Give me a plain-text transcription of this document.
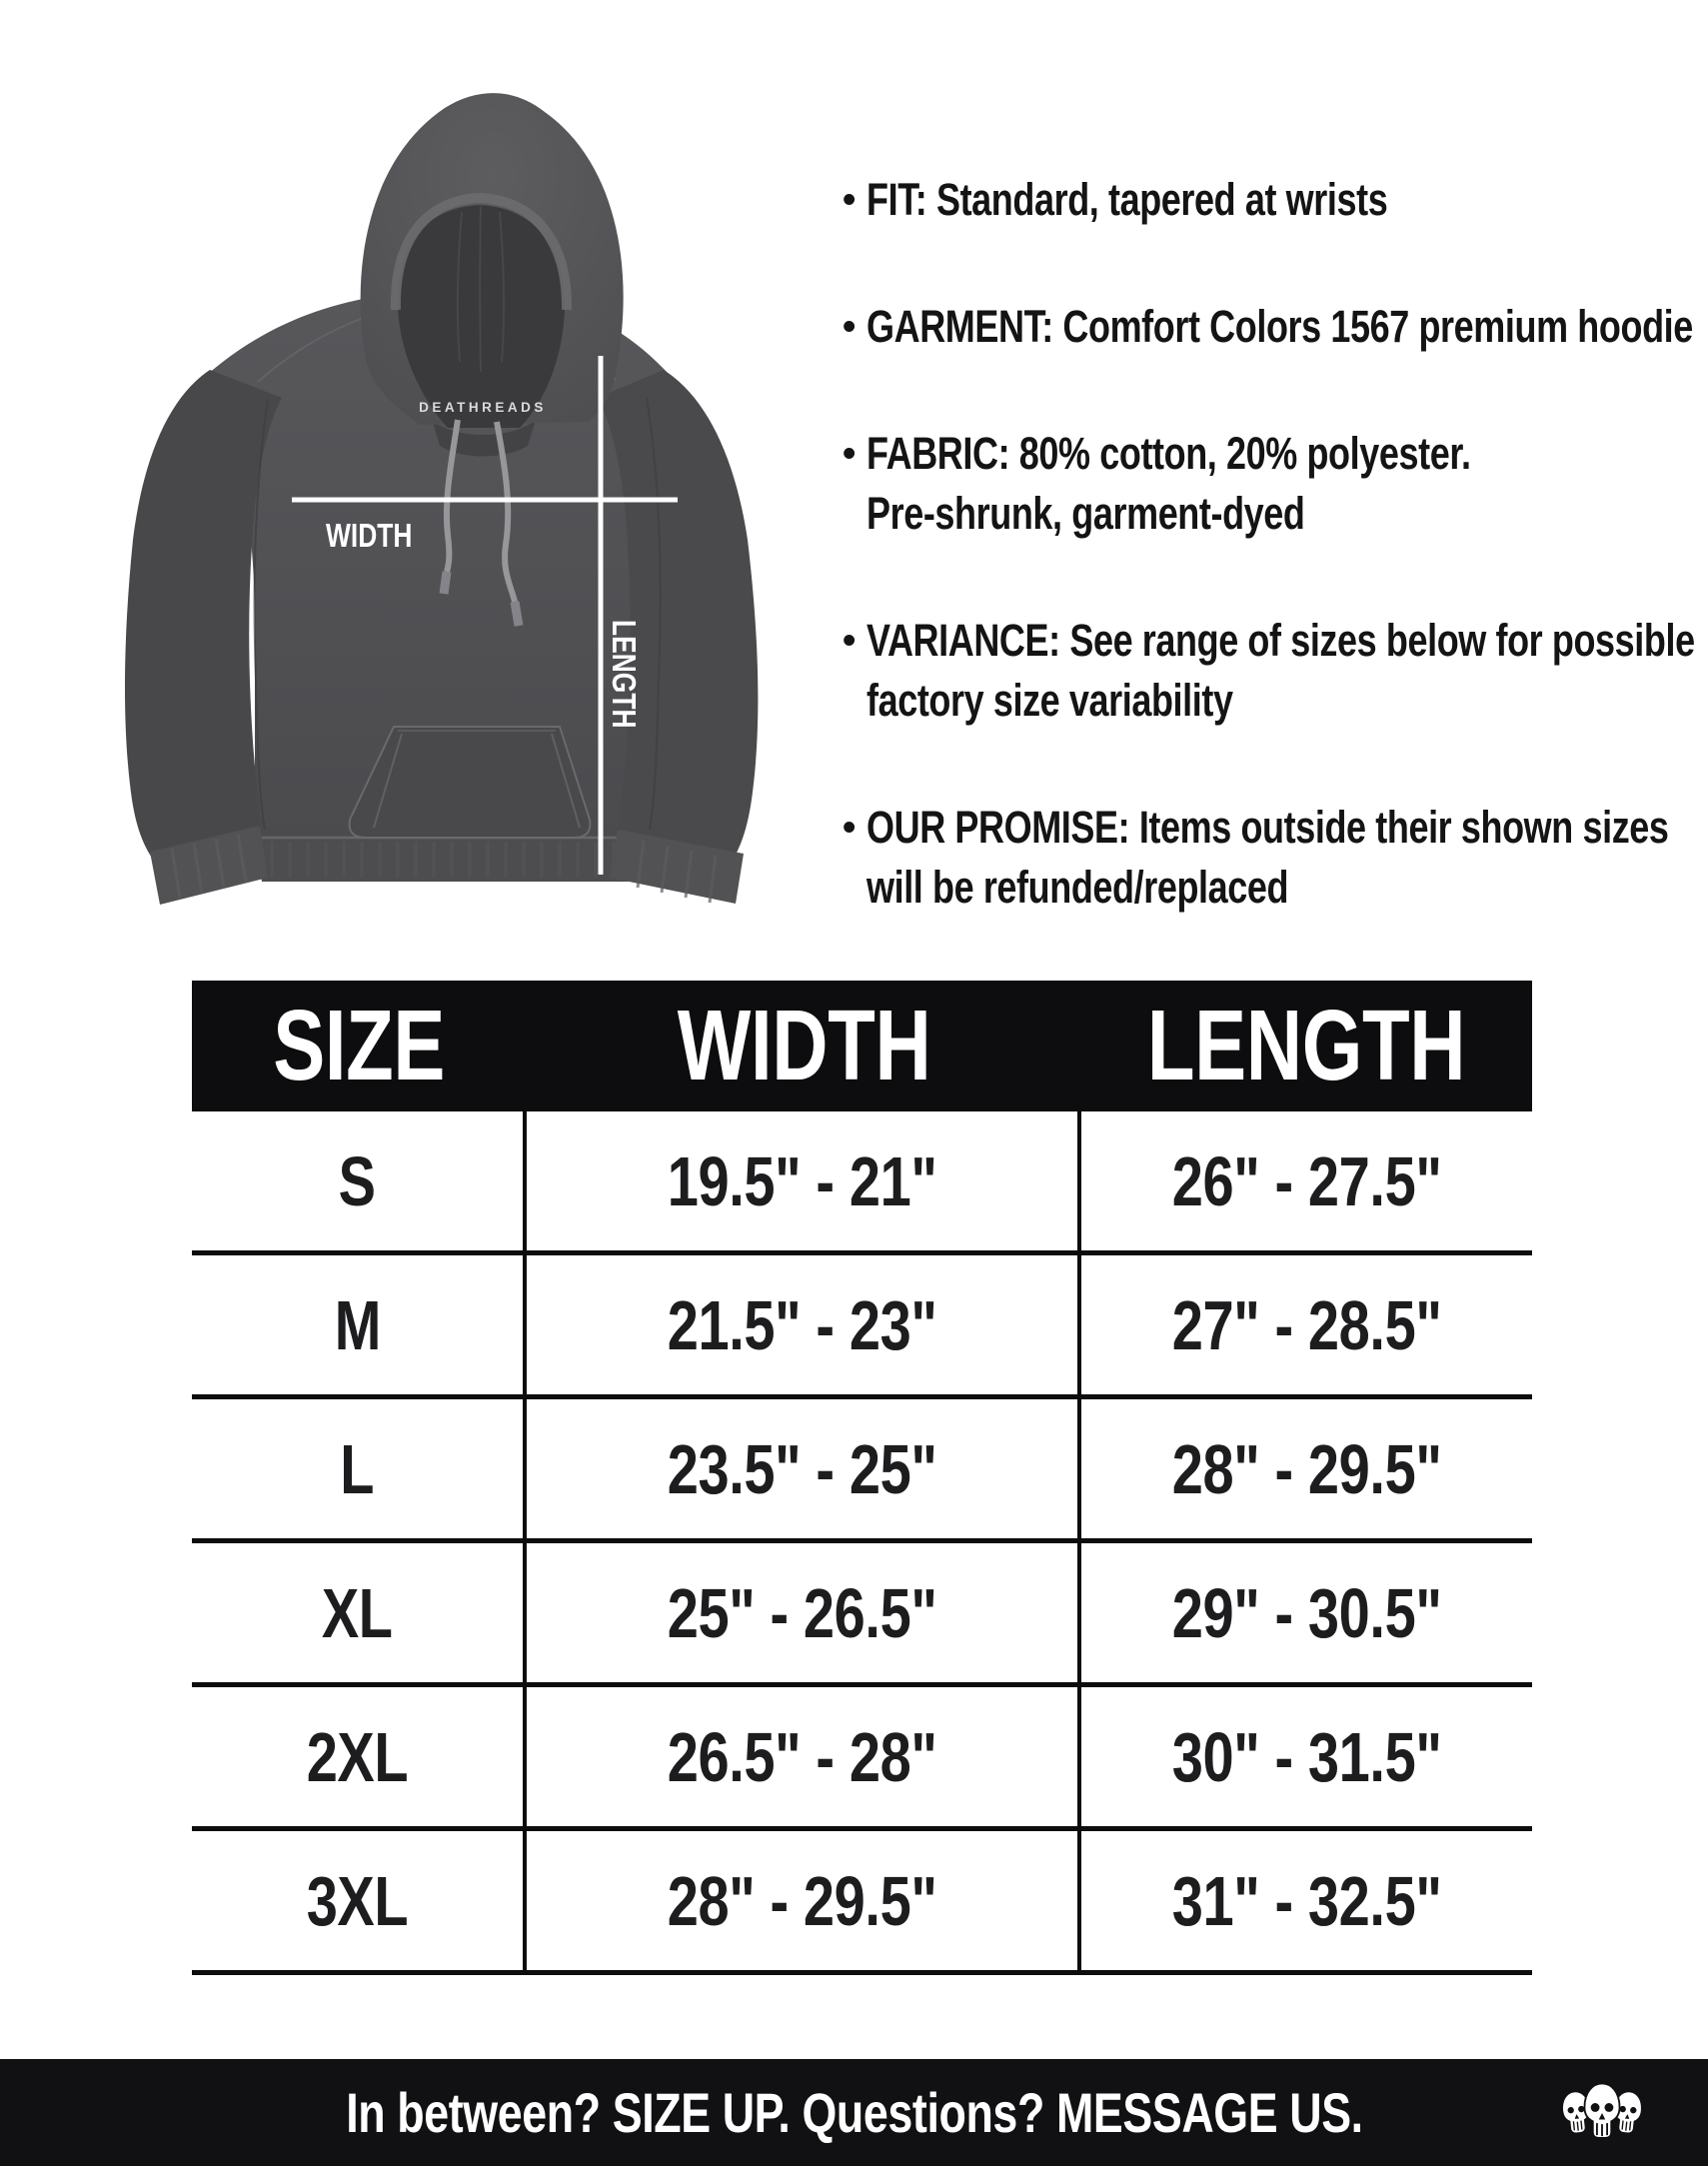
DEATHREADS
WIDTH
LENGTH
• FIT: Standard, tapered at wrists
• GARMENT: Comfort Colors 1567 premium hoodie
• FABRIC: 80% cotton, 20% polyester.
Pre-shrunk, garment-dyed
• VARIANCE: See range of sizes below for possible
factory size variability
• OUR PROMISE: Items outside their shown sizes
will be refunded/replaced
SIZE WIDTH LENGTH
S	19.5" - 21"	26" - 27.5"
M	21.5" - 23"	27" - 28.5"
L	23.5" - 25"	28" - 29.5"
XL	25" - 26.5"	29" - 30.5"
2XL	26.5" - 28"	30" - 31.5"
3XL	28" - 29.5"	31" - 32.5"
In between? SIZE UP. Questions? MESSAGE US.
